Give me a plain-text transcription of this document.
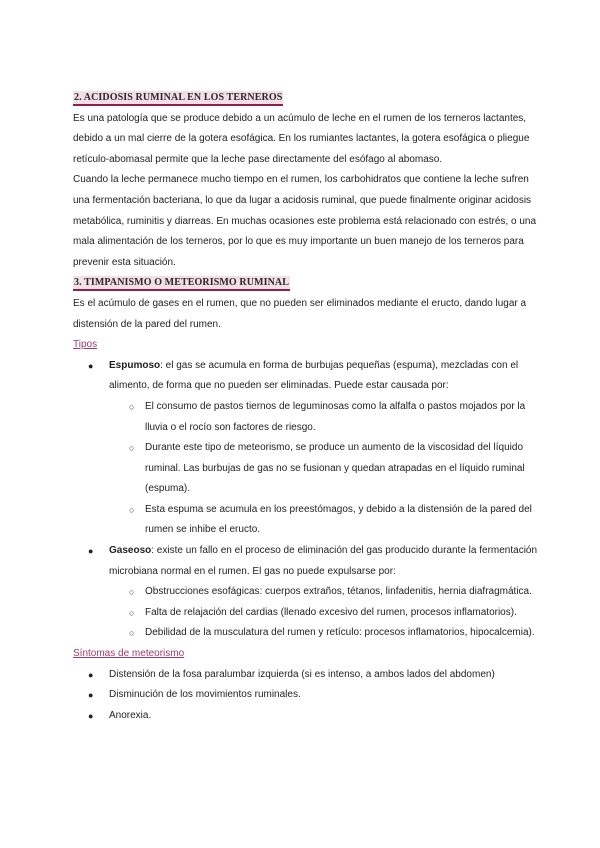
2. ACIDOSIS RUMINAL EN LOS TERNEROS

Es una patología que se produce debido a un acúmulo de leche en el rumen de los terneros lactantes, debido a un mal cierre de la gotera esofágica. En los rumiantes lactantes, la gotera esofágica o pliegue retículo-abomasal permite que la leche pase directamente del esófago al abomaso.

Cuando la leche permanece mucho tiempo en el rumen, los carbohidratos que contiene la leche sufren una fermentación bacteriana, lo que da lugar a acidosis ruminal, que puede finalmente originar acidosis metabólica, ruminitis y diarreas. En muchas ocasiones este problema está relacionado con estrés, o una mala alimentación de los terneros, por lo que es muy importante un buen manejo de los terneros para prevenir esta situación.

3. TIMPANISMO O METEORISMO RUMINAL

Es el acúmulo de gases en el rumen, que no pueden ser eliminados mediante el eructo, dando lugar a distensión de la pared del rumen.

Tipos
● Espumoso: el gas se acumula en forma de burbujas pequeñas (espuma), mezcladas con el alimento, de forma que no pueden ser eliminadas. Puede estar causada por:
○ El consumo de pastos tiernos de leguminosas como la alfalfa o pastos mojados por la lluvia o el rocío son factores de riesgo.
○ Durante este tipo de meteorismo, se produce un aumento de la viscosidad del líquido ruminal. Las burbujas de gas no se fusionan y quedan atrapadas en el líquido ruminal (espuma).
○ Esta espuma se acumula en los preestómagos, y debido a la distensión de la pared del rumen se inhibe el eructo.
● Gaseoso: existe un fallo en el proceso de eliminación del gas producido durante la fermentación microbiana normal en el rumen. El gas no puede expulsarse por:
○ Obstrucciones esofágicas: cuerpos extraños, tétanos, linfadenitis, hernia diafragmática.
○ Falta de relajación del cardias (llenado excesivo del rumen, procesos inflamatorios).
○ Debilidad de la musculatura del rumen y retículo: procesos inflamatorios, hipocalcemia).
Síntomas de meteorismo
● Distensión de la fosa paralumbar izquierda (si es intenso, a ambos lados del abdomen)
● Disminución de los movimientos ruminales.
● Anorexia.
